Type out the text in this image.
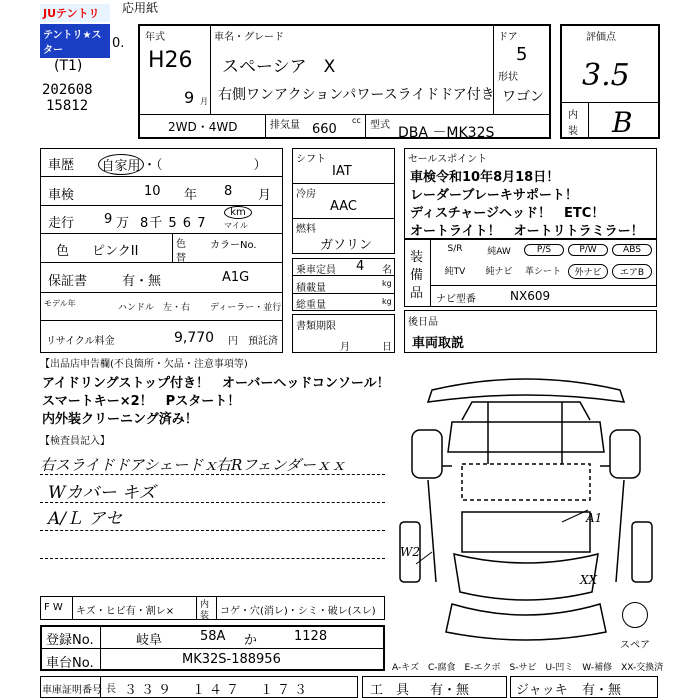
JUテントリ
テントリ★スター
応用紙
0.
(T1)
202608
15812
年式
H26
9 月
車名・グレード
スペーシア　X
右側ワンアクションパワースライドドア付き
ドア
5
形状
ワゴン
2WD・4WD	排気量 660
cc 型式 DBA －MK32S
評価点
3.5
内
装 B
車歴 自家用 ・（　　　　　　　）
車検	10 年 8 月
走行 9 万 8千 5 6 7
km
マイル
色 ピンクII	色
替
カラーNo.
保証書	有・無	A1G
モデル年	ハンドル　左・右 ディーラー・並行
リサイクル料金	9,770 円　預託済
シフト
IAT
冷房
AAC
燃料
ガソリン
乗車定員 4 名
積載量	kg
総重量	kg
書類期限
月	日
セールスポイント
車検令和10年8月18日！
レーダーブレーキサポート！
ディスチャージヘッド！　ETC！
オートライト！　オートリトラミラー！
装
備
品
S/R	純AW	P/S	P/W	ABS
純TV	純ナビ	革シート	外ナビ	エアB
ナビ型番	NX609
後日品
車両取説
【出品店申告欄(不良箇所・欠品・注意事項等)
アイドリングストップ付き！　オーバーヘッドコンソール！
スマートキー×2！　Pスタート！
内外装クリーニング済み！
【検査員記入】
右スライドドアシェードｘ
右Rフェンダーｘｘ
Wカバー キズ
A/Ｌ アセ	A1
W2
XX
スペア
F W キズ・ヒビ有・割レ×
内
装 コゲ・穴(消レ)・シミ・破レ(スレ)
登録No.	岐阜	58A か	1128
車台No.	MK32S-188956
A-キズ　C-腐食　E-エクボ　S-サビ　U-凹ミ　W-補修　XX-交換済
車庫証明番号 長 ３３９　１４７　１７３	工　具 有・無	ジャッキ 有・無
